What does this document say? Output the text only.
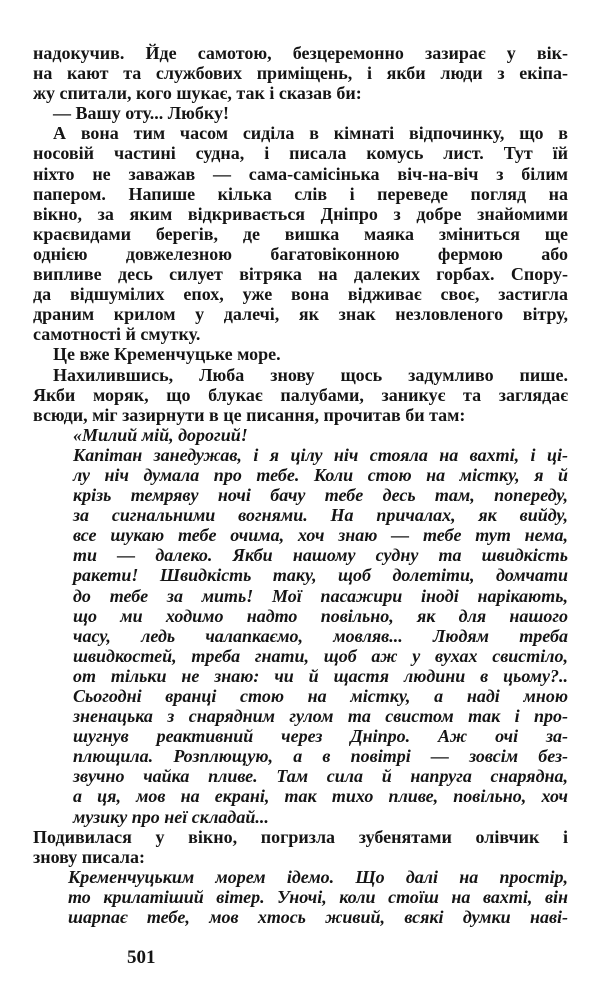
надокучив. Йде самотою, безцеремонно зазирає у вік-
на кают та службових приміщень, і якби люди з екіпа-
жу спитали, кого шукає, так і сказав би:
— Вашу оту... Любку!
А вона тим часом сиділа в кімнаті відпочинку, що в
носовій частині судна, і писала комусь лист. Тут їй
ніхто не заважав — сама-самісінька віч-на-віч з білим
папером. Напише кілька слів і переведе погляд на
вікно, за яким відкривається Дніпро з добре знайомими
краєвидами берегів, де вишка маяка зміниться ще
однією довжелезною багатовіконною фермою або
випливе десь силует вітряка на далеких горбах. Спору-
да відшумілих епох, уже вона відживає своє, застигла
драним крилом у далечі, як знак незловленого вітру,
самотності й смутку.
Це вже Кременчуцьке море.
Нахилившись, Люба знову щось задумливо пише.
Якби моряк, що блукає палубами, заникує та заглядає
всюди, міг зазирнути в це писання, прочитав би там:
«Милий мій, дорогий!
Капітан занедужав, і я цілу ніч стояла на вахті, і ці-
лу ніч думала про тебе. Коли стою на містку, я й
крізь темряву ночі бачу тебе десь там, попереду,
за сигнальними вогнями. На причалах, як вийду,
все шукаю тебе очима, хоч знаю — тебе тут нема,
ти — далеко. Якби нашому судну та швидкість
ракети! Швидкість таку, щоб долетіти, домчати
до тебе за мить! Мої пасажири іноді нарікають,
що ми ходимо надто повільно, як для нашого
часу, ледь чалапкаємо, мовляв... Людям треба
швидкостей, треба гнати, щоб аж у вухах свистіло,
от тільки не знаю: чи й щастя людини в цьому?..
Сьогодні вранці стою на містку, а наді мною
зненацька з снарядним гулом та свистом так і про-
шугнув реактивний через Дніпро. Аж очі за-
плющила. Розплющую, а в повітрі — зовсім без-
звучно чайка пливе. Там сила й напруга снарядна,
а ця, мов на екрані, так тихо пливе, повільно, хоч
музику про неї складай...
Подивилася у вікно, погризла зубенятами олівчик і
знову писала:
Кременчуцьким морем ідемо. Що далі на простір,
то крилатіший вітер. Уночі, коли стоїш на вахті, він
шарпає тебе, мов хтось живий, всякі думки наві-
501
